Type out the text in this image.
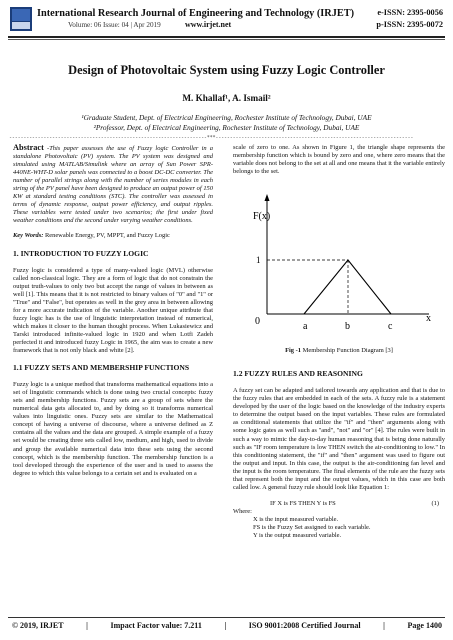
International Research Journal of Engineering and Technology (IRJET)
Volume: 06 Issue: 04 | Apr 2019	www.irjet.net
e-ISSN: 2395-0056
p-ISSN: 2395-0072
Design of Photovoltaic System using Fuzzy Logic Controller
M. Khallaf¹, A. Ismail²
¹Graduate Student, Dept. of Electrical Engineering, Rochester Institute of Technology, Dubai, UAE
²Professor, Dept. of Electrical Engineering, Rochester Institute of Technology, Dubai, UAE
---------------------------------------------------------------------***---------------------------------------------------------------------

Abstract -This paper assesses the use of Fuzzy logic Controller in a standalone Photovoltaic (PV) system. The PV system was designed and simulated using MATLAB/Simulink where an array of Sun Power SPR-440NE-WHT-D solar panels was connected to a boost DC-DC converter. The number of parallel strings along with the number of series modules in each string of the PV panel have been designed to produce an output power of 150 KW at standard testing conditions (STC). The controller was assessed in terms of dynamic response, output power efficiency, and output ripples. These variables were tested under two scenarios; the first under fixed weather conditions and the second under varying weather conditions.

Key Words: Renewable Energy, PV, MPPT, and Fuzzy Logic

1. INTRODUCTION TO FUZZY LOGIC

Fuzzy logic is considered a type of many-valued logic (MVL) otherwise called non-classical logic. They are a form of logic that do not constrain the output truth-values to only two but accept the range of values in between as well [1]. This means that it is not restricted to binary values of "0" and "1" or "True" and "False", but operates as well in the grey area in between allowing for a more accurate indication of the variable. Another unique attribute that fuzzy logic has is the use of linguistic interpretation instead of numerical, which makes it closer to the human thought process. When Lukasiewicz and Tarski introduced infinite-valued logic in 1920 and when Lotfi Zadeh perfected it and introduced fuzzy Logic in 1965, the aim was to create a new framework that is not only black and white [2].

1.1 FUZZY SETS AND MEMBERSHIP FUNCTIONS

Fuzzy logic is a unique method that transforms mathematical equations into a set of linguistic commands which is done using two crucial concepts: fuzzy sets and membership functions. Fuzzy sets are a group of sets where the numerical data gets allocated to, and by doing so it transforms numerical values into linguistic ones. Fuzzy sets are similar to the Mathematical concept of having a universe of discourse, where a universe defined as Z contains all the values and the data are grouped. A simple example of a fuzzy set would be creating three sets called low, medium, and high, used to divide and group the available numerical data into these sets using the second concept, which is the membership function. The membership function is a tool developed through the experience of the user and is used to assess the degree to which this value belongs to a certain set and is evaluated on a

scale of zero to one. As shown in Figure 1, the triangle shape represents the membership function which is bound by zero and one, where zero means that the variable does not belong to the set at all and one means that it the variable entirely belongs to the set.

F(x)
1
0	a	b	c
x
Fig -1 Membership Function Diagram [3]
1.2 FUZZY RULES AND REASONING

A fuzzy set can be adapted and tailored towards any application and that is due to the fuzzy rules that are embedded in each of the sets. A fuzzy rule is a statement developed by the user of the logic based on the knowledge of the industry experts to determine the output based on the input variables. These rules are formulated as conditional statements that utilize the "if" and "then" arguments along with some logic gates as well such as "and", "not" and "or" [4]. The rules were built in such a way to mimic the day-to-day human reasoning that is being done naturally such as "IF room temperature is low THEN switch the air-conditioning to low." In this conditioning statement, the "if" and "then" argument was used to figure out the output and input. In this case, the output is the air-conditioning fan level and the input is the room temperature. The final elements of the rule are the fuzzy sets that represent both the input and the output values, which in this case are both called low. A general fuzzy rule should look like Equation 1:

IF X is FS THEN Y is FS	(1)

Where:

X is the input measured variable.

FS is the Fuzzy Set assigned to each variable.

Y is the output measured variable.

© 2019, IRJET	|	Impact Factor value: 7.211	|	ISO 9001:2008 Certified Journal	|	Page 1400
